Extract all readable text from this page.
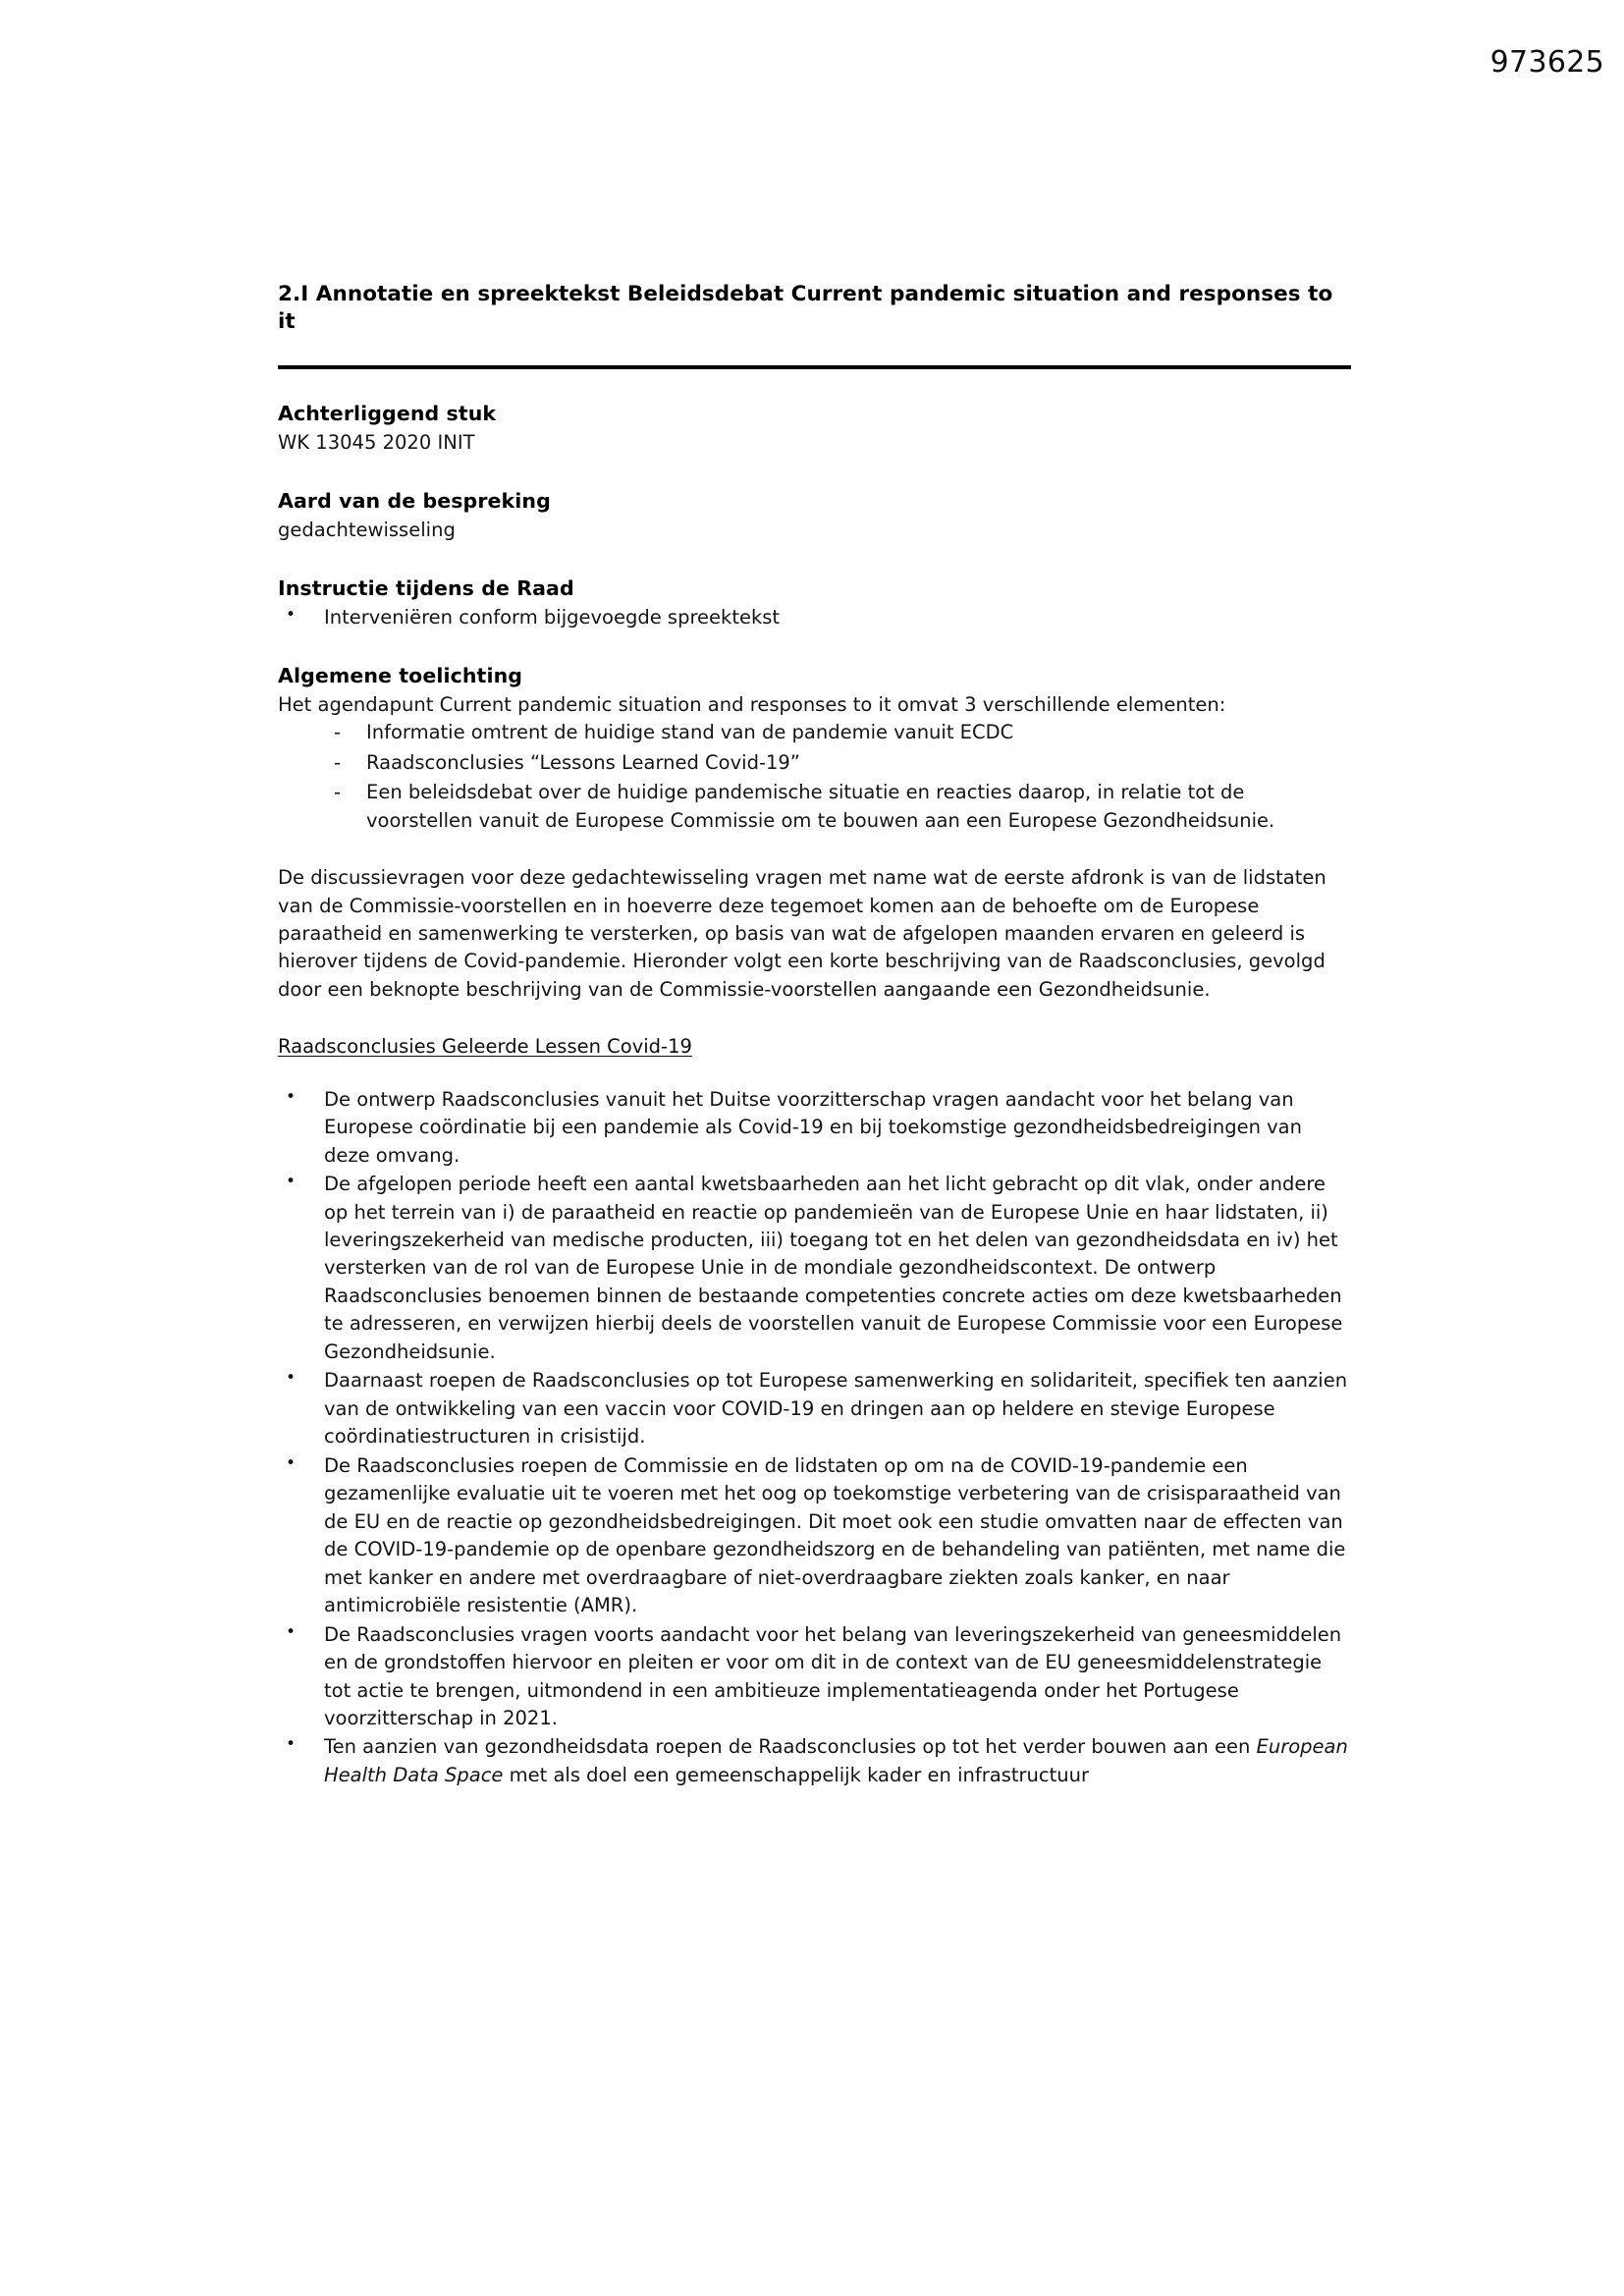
973625
2.I Annotatie en spreektekst Beleidsdebat Current pandemic situation and responses to it
Achterliggend stuk

WK 13045 2020 INIT

Aard van de bespreking

gedachtewisseling

Instructie tijdens de Raad
• Interveniëren conform bijgevoegde spreektekst
Algemene toelichting

Het agendapunt Current pandemic situation and responses to it omvat 3 verschillende elementen:

- Informatie omtrent de huidige stand van de pandemie vanuit ECDC
- Raadsconclusies “Lessons Learned Covid-19”
- Een beleidsdebat over de huidige pandemische situatie en reacties daarop, in relatie tot de voorstellen vanuit de Europese Commissie om te bouwen aan een Europese Gezondheidsunie.

De discussievragen voor deze gedachtewisseling vragen met name wat de eerste afdronk is van de lidstaten van de Commissie-voorstellen en in hoeverre deze tegemoet komen aan de behoefte om de Europese paraatheid en samenwerking te versterken, op basis van wat de afgelopen maanden ervaren en geleerd is hierover tijdens de Covid-pandemie. Hieronder volgt een korte beschrijving van de Raadsconclusies, gevolgd door een beknopte beschrijving van de Commissie-voorstellen aangaande een Gezondheidsunie.

Raadsconclusies Geleerde Lessen Covid-19

• De ontwerp Raadsconclusies vanuit het Duitse voorzitterschap vragen aandacht voor het belang van Europese coördinatie bij een pandemie als Covid-19 en bij toekomstige gezondheidsbedreigingen van deze omvang.
• De afgelopen periode heeft een aantal kwetsbaarheden aan het licht gebracht op dit vlak, onder andere op het terrein van i) de paraatheid en reactie op pandemieën van de Europese Unie en haar lidstaten, ii) leveringszekerheid van medische producten, iii) toegang tot en het delen van gezondheidsdata en iv) het versterken van de rol van de Europese Unie in de mondiale gezondheidscontext. De ontwerp Raadsconclusies benoemen binnen de bestaande competenties concrete acties om deze kwetsbaarheden te adresseren, en verwijzen hierbij deels de voorstellen vanuit de Europese Commissie voor een Europese Gezondheidsunie.
• Daarnaast roepen de Raadsconclusies op tot Europese samenwerking en solidariteit, specifiek ten aanzien van de ontwikkeling van een vaccin voor COVID-19 en dringen aan op heldere en stevige Europese coördinatiestructuren in crisistijd.
• De Raadsconclusies roepen de Commissie en de lidstaten op om na de COVID-19-pandemie een gezamenlijke evaluatie uit te voeren met het oog op toekomstige verbetering van de crisisparaatheid van de EU en de reactie op gezondheidsbedreigingen. Dit moet ook een studie omvatten naar de effecten van de COVID-19-pandemie op de openbare gezondheidszorg en de behandeling van patiënten, met name die met kanker en andere met overdraagbare of niet-overdraagbare ziekten zoals kanker, en naar antimicrobiële resistentie (AMR).
• De Raadsconclusies vragen voorts aandacht voor het belang van leveringszekerheid van geneesmiddelen en de grondstoffen hiervoor en pleiten er voor om dit in de context van de EU geneesmiddelenstrategie tot actie te brengen, uitmondend in een ambitieuze implementatieagenda onder het Portugese voorzitterschap in 2021.
• Ten aanzien van gezondheidsdata roepen de Raadsconclusies op tot het verder bouwen aan een European Health Data Space met als doel een gemeenschappelijk kader en infrastructuur
